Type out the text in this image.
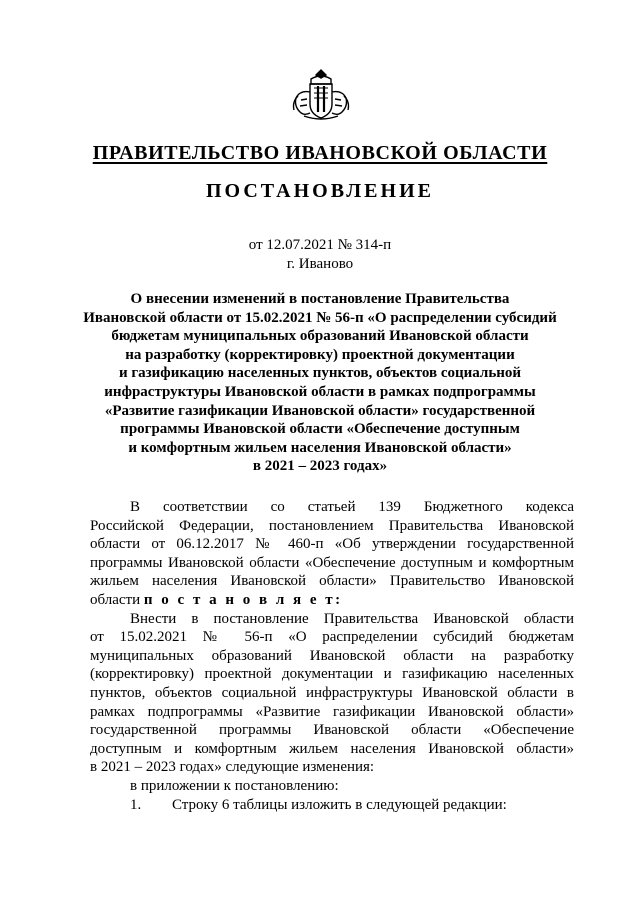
ПРАВИТЕЛЬСТВО ИВАНОВСКОЙ ОБЛАСТИ
ПОСТАНОВЛЕНИЕ
от 12.07.2021 № 314-п
г. Иваново
О внесении изменений в постановление Правительства
Ивановской области от 15.02.2021 № 56-п «О распределении субсидий
бюджетам муниципальных образований Ивановской области
на разработку (корректировку) проектной документации
и газификацию населенных пунктов, объектов социальной
инфраструктуры Ивановской области в рамках подпрограммы
«Развитие газификации Ивановской области» государственной
программы Ивановской области «Обеспечение доступным
и комфортным жильем населения Ивановской области»
в 2021 – 2023 годах»
В соответствии со статьей 139 Бюджетного кодекса
Российской Федерации, постановлением Правительства Ивановской
области от 06.12.2017 № 460-п «Об утверждении государственной
программы Ивановской области «Обеспечение доступным и комфортным
жильем населения Ивановской области» Правительство Ивановской
области п о с т а н о в л я е т:
Внести в постановление Правительства Ивановской области
от 15.02.2021 № 56-п «О распределении субсидий бюджетам
муниципальных образований Ивановской области на разработку
(корректировку) проектной документации и газификацию населенных
пунктов, объектов социальной инфраструктуры Ивановской области в
рамках подпрограммы «Развитие газификации Ивановской области»
государственной программы Ивановской области «Обеспечение
доступным и комфортным жильем населения Ивановской области»
в 2021 – 2023 годах» следующие изменения:
в приложении к постановлению:
1. Строку 6 таблицы изложить в следующей редакции:
